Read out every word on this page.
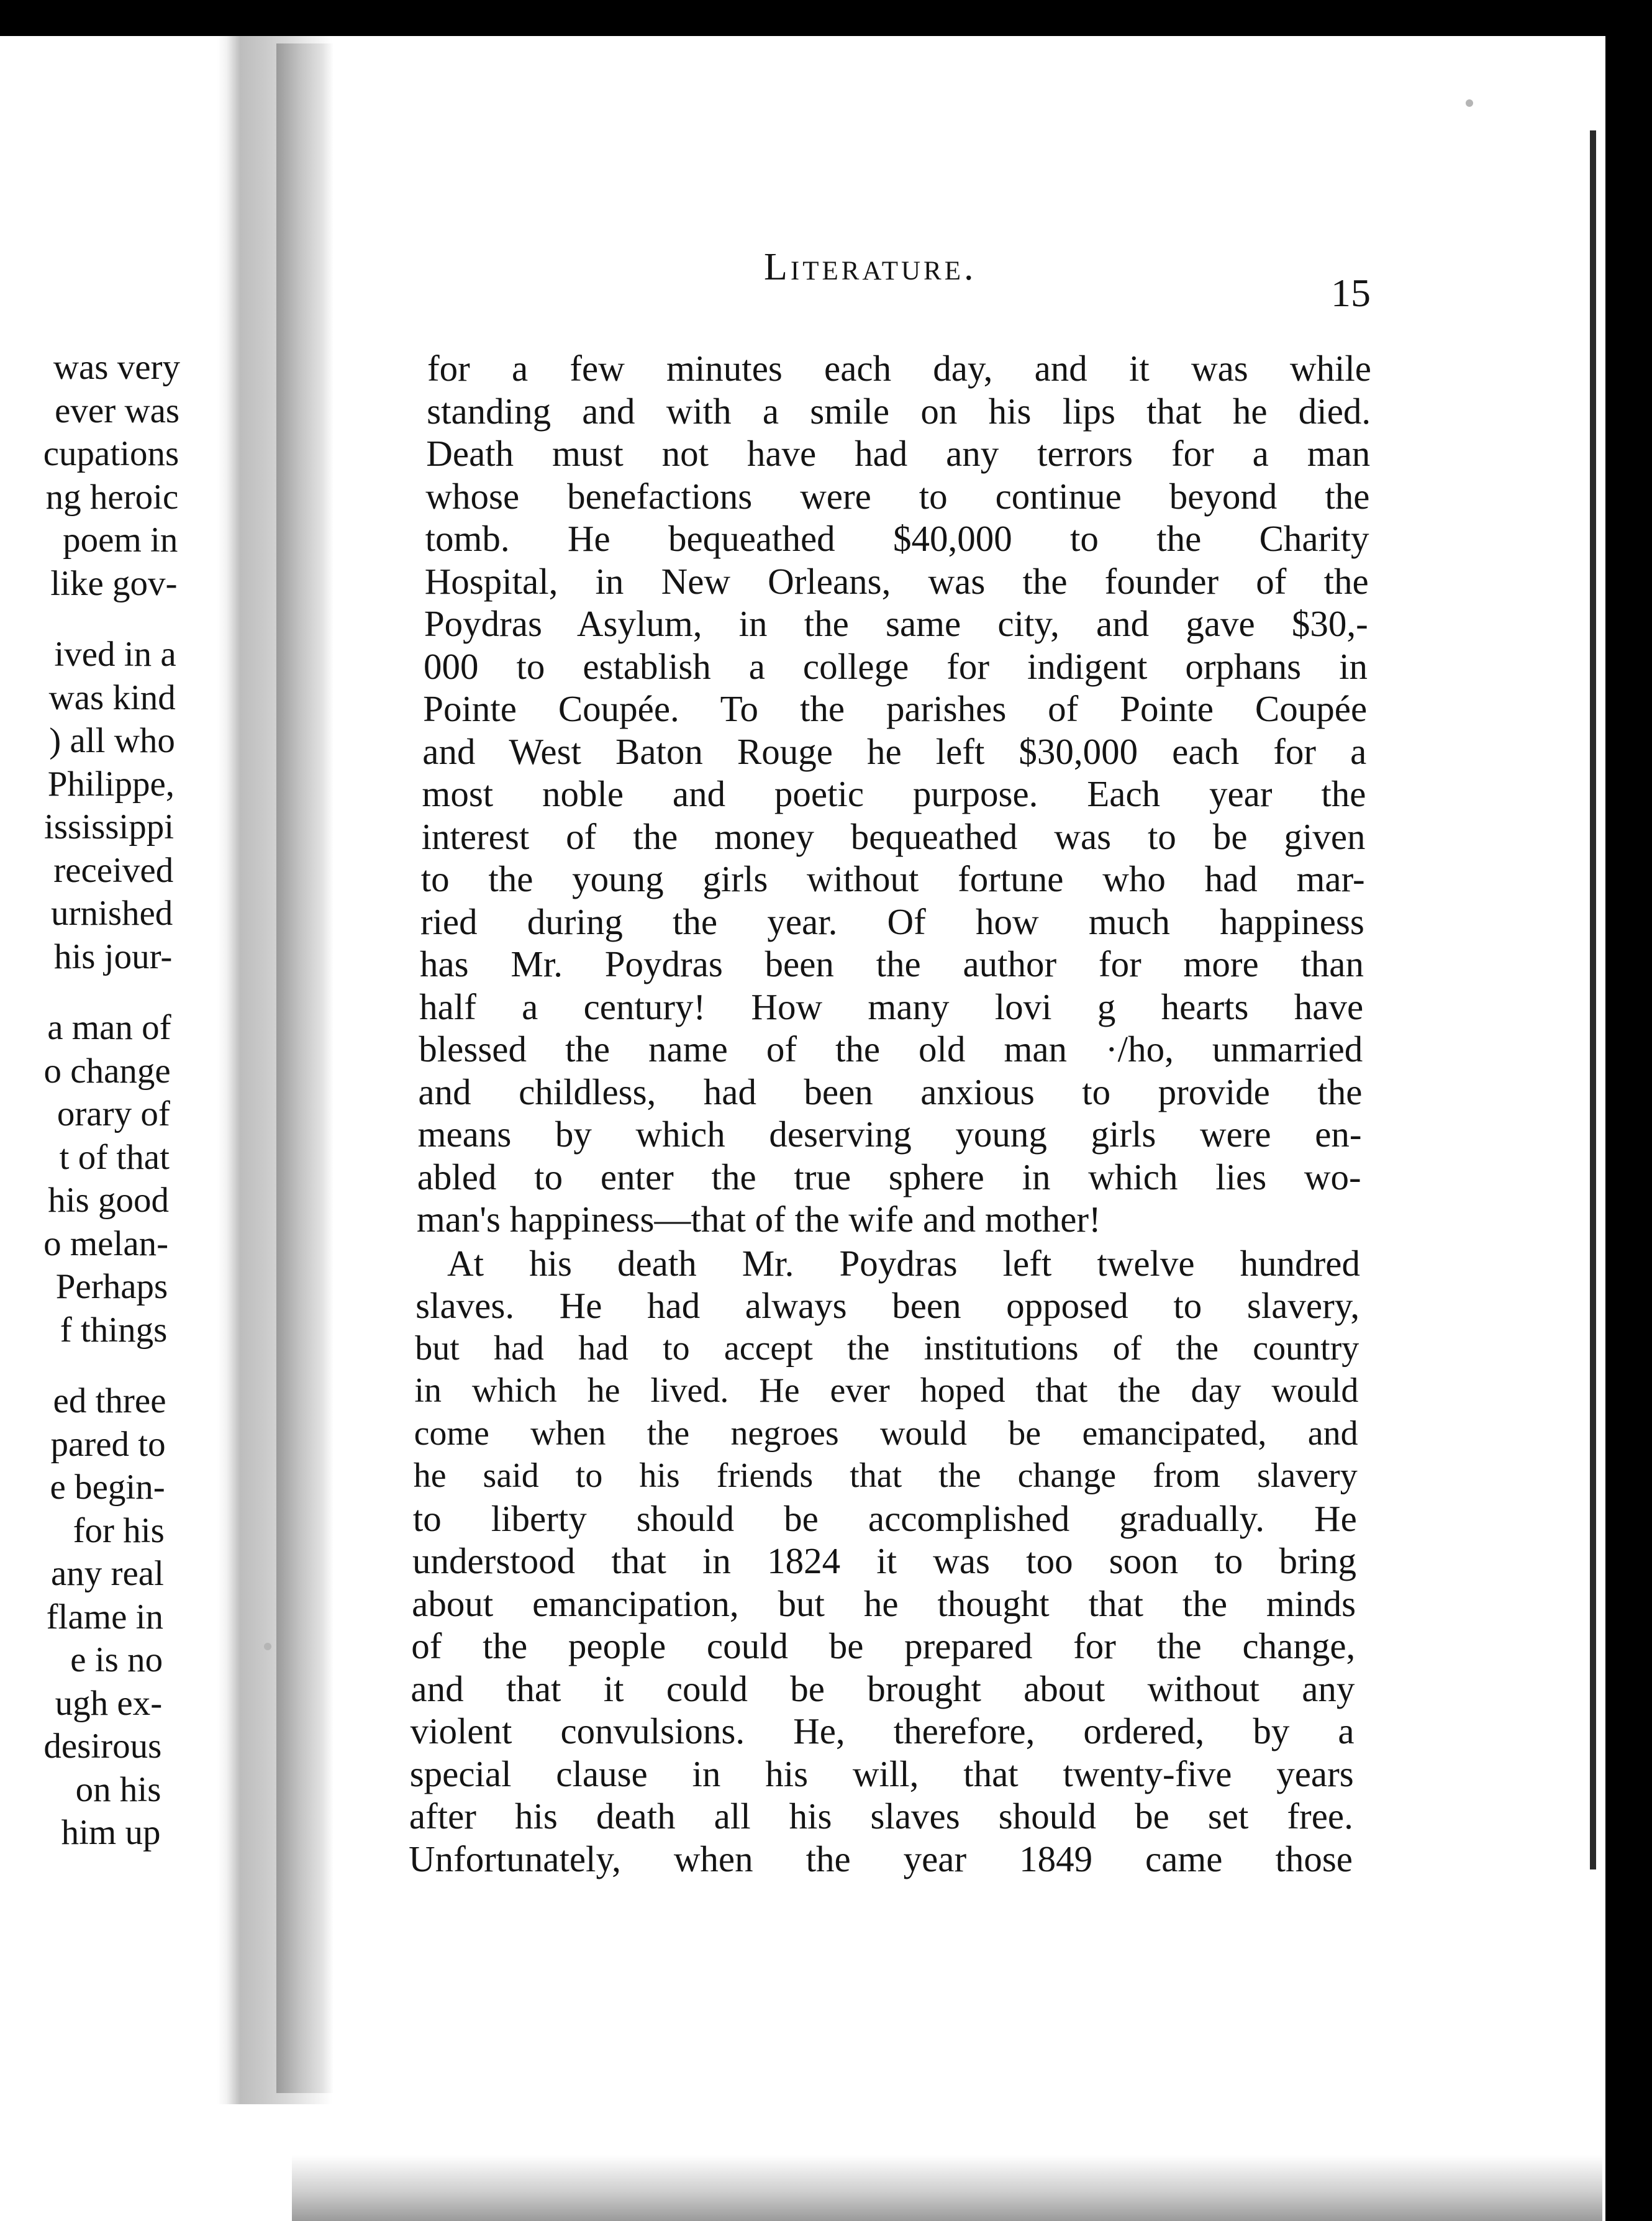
was very
ever was
cupations
ng heroic
poem in
like gov-
ived in a
was kind
) all who
Philippe,
ississippi
received
urnished
his jour-
a man of
o change
orary of
t of that
his good
o melan-
Perhaps
f things
ed three
pared to
e begin-
for his
any real
flame in
e is no
ugh ex-
desirous
on his
him up
Literature.
15
for a few minutes each day, and it was while
standing and with a smile on his lips that he died.
Death must not have had any terrors for a man
whose benefactions were to continue beyond the
tomb. He bequeathed $40,000 to the Charity
Hospital, in New Orleans, was the founder of the
Poydras Asylum, in the same city, and gave $30,-
000 to establish a college for indigent orphans in
Pointe Coupée. To the parishes of Pointe Coupée
and West Baton Rouge he left $30,000 each for a
most noble and poetic purpose. Each year the
interest of the money bequeathed was to be given
to the young girls without fortune who had mar-
ried during the year. Of how much happiness
has Mr. Poydras been the author for more than
half a century! How many lovi g hearts have
blessed the name of the old man ·/ho, unmarried
and childless, had been anxious to provide the
means by which deserving young girls were en-
abled to enter the true sphere in which lies wo-
man's happiness—that of the wife and mother!
At his death Mr. Poydras left twelve hundred
slaves. He had always been opposed to slavery,
but had had to accept the institutions of the country
in which he lived. He ever hoped that the day would
come when the negroes would be emancipated, and
he said to his friends that the change from slavery
to liberty should be accomplished gradually. He
understood that in 1824 it was too soon to bring
about emancipation, but he thought that the minds
of the people could be prepared for the change,
and that it could be brought about without any
violent convulsions. He, therefore, ordered, by a
special clause in his will, that twenty-five years
after his death all his slaves should be set free.
Unfortunately, when the year 1849 came those
